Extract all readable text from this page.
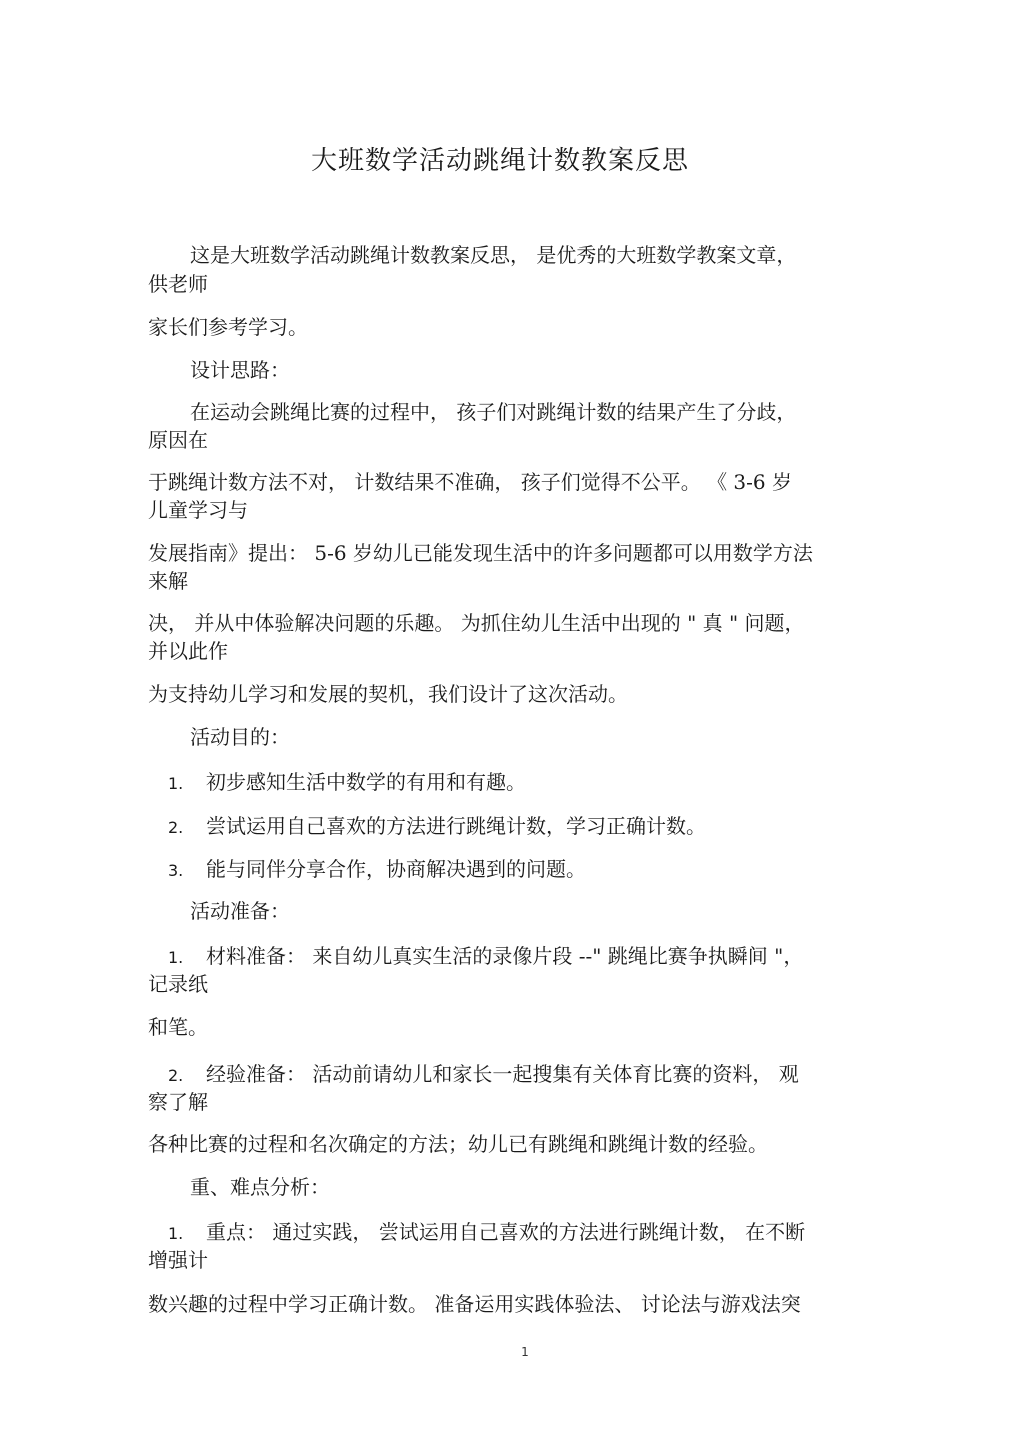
大班数学活动跳绳计数教案反思
这是大班数学活动跳绳计数教案反思， 是优秀的大班数学教案文章，
供老师
家长们参考学习。
设计思路：
在运动会跳绳比赛的过程中， 孩子们对跳绳计数的结果产生了分歧，
原因在
于跳绳计数方法不对， 计数结果不准确， 孩子们觉得不公平。 《 3-6 岁
儿童学习与
发展指南》提出： 5-6 岁幼儿已能发现生活中的许多问题都可以用数学方法
来解
决， 并从中体验解决问题的乐趣。 为抓住幼儿生活中出现的 " 真 " 问题，
并以此作
为支持幼儿学习和发展的契机，我们设计了这次活动。
活动目的：
1. 初步感知生活中数学的有用和有趣。
2. 尝试运用自己喜欢的方法进行跳绳计数，学习正确计数。
3. 能与同伴分享合作，协商解决遇到的问题。
活动准备：
1. 材料准备： 来自幼儿真实生活的录像片段 --" 跳绳比赛争执瞬间 "，
记录纸
和笔。
2. 经验准备： 活动前请幼儿和家长一起搜集有关体育比赛的资料， 观
察了解
各种比赛的过程和名次确定的方法；幼儿已有跳绳和跳绳计数的经验。
重、难点分析：
1. 重点： 通过实践， 尝试运用自己喜欢的方法进行跳绳计数， 在不断
增强计
数兴趣的过程中学习正确计数。 准备运用实践体验法、 讨论法与游戏法突
1
